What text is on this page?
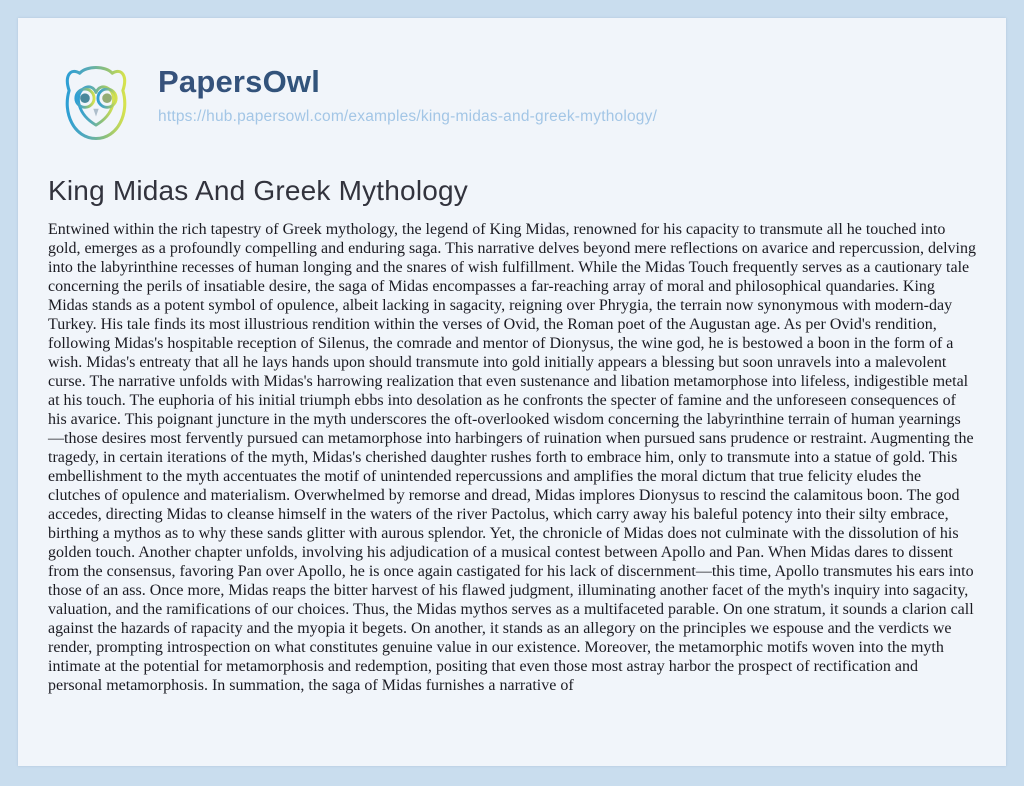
PapersOwl
https://hub.papersowl.com/examples/king-midas-and-greek-mythology/
King Midas And Greek Mythology

Entwined within the rich tapestry of Greek mythology, the legend of King Midas, renowned for his capacity to transmute all he touched into gold, emerges as a profoundly compelling and enduring saga. This narrative delves beyond mere reflections on avarice and repercussion, delving into the labyrinthine recesses of human longing and the snares of wish fulfillment. While the Midas Touch frequently serves as a cautionary tale concerning the perils of insatiable desire, the saga of Midas encompasses a far-reaching array of moral and philosophical quandaries. King Midas stands as a potent symbol of opulence, albeit lacking in sagacity, reigning over Phrygia, the terrain now synonymous with modern-day Turkey. His tale finds its most illustrious rendition within the verses of Ovid, the Roman poet of the Augustan age. As per Ovid's rendition, following Midas's hospitable reception of Silenus, the comrade and mentor of Dionysus, the wine god, he is bestowed a boon in the form of a wish. Midas's entreaty that all he lays hands upon should transmute into gold initially appears a blessing but soon unravels into a malevolent curse. The narrative unfolds with Midas's harrowing realization that even sustenance and libation metamorphose into lifeless, indigestible metal at his touch. The euphoria of his initial triumph ebbs into desolation as he confronts the specter of famine and the unforeseen consequences of his avarice. This poignant juncture in the myth underscores the oft-overlooked wisdom concerning the labyrinthine terrain of human yearnings—those desires most fervently pursued can metamorphose into harbingers of ruination when pursued sans prudence or restraint. Augmenting the tragedy, in certain iterations of the myth, Midas's cherished daughter rushes forth to embrace him, only to transmute into a statue of gold. This embellishment to the myth accentuates the motif of unintended repercussions and amplifies the moral dictum that true felicity eludes the clutches of opulence and materialism. Overwhelmed by remorse and dread, Midas implores Dionysus to rescind the calamitous boon. The god accedes, directing Midas to cleanse himself in the waters of the river Pactolus, which carry away his baleful potency into their silty embrace, birthing a mythos as to why these sands glitter with aurous splendor. Yet, the chronicle of Midas does not culminate with the dissolution of his golden touch. Another chapter unfolds, involving his adjudication of a musical contest between Apollo and Pan. When Midas dares to dissent from the consensus, favoring Pan over Apollo, he is once again castigated for his lack of discernment—this time, Apollo transmutes his ears into those of an ass. Once more, Midas reaps the bitter harvest of his flawed judgment, illuminating another facet of the myth's inquiry into sagacity, valuation, and the ramifications of our choices. Thus, the Midas mythos serves as a multifaceted parable. On one stratum, it sounds a clarion call against the hazards of rapacity and the myopia it begets. On another, it stands as an allegory on the principles we espouse and the verdicts we render, prompting introspection on what constitutes genuine value in our existence. Moreover, the metamorphic motifs woven into the myth intimate at the potential for metamorphosis and redemption, positing that even those most astray harbor the prospect of rectification and personal metamorphosis. In summation, the saga of Midas furnishes a narrative of
